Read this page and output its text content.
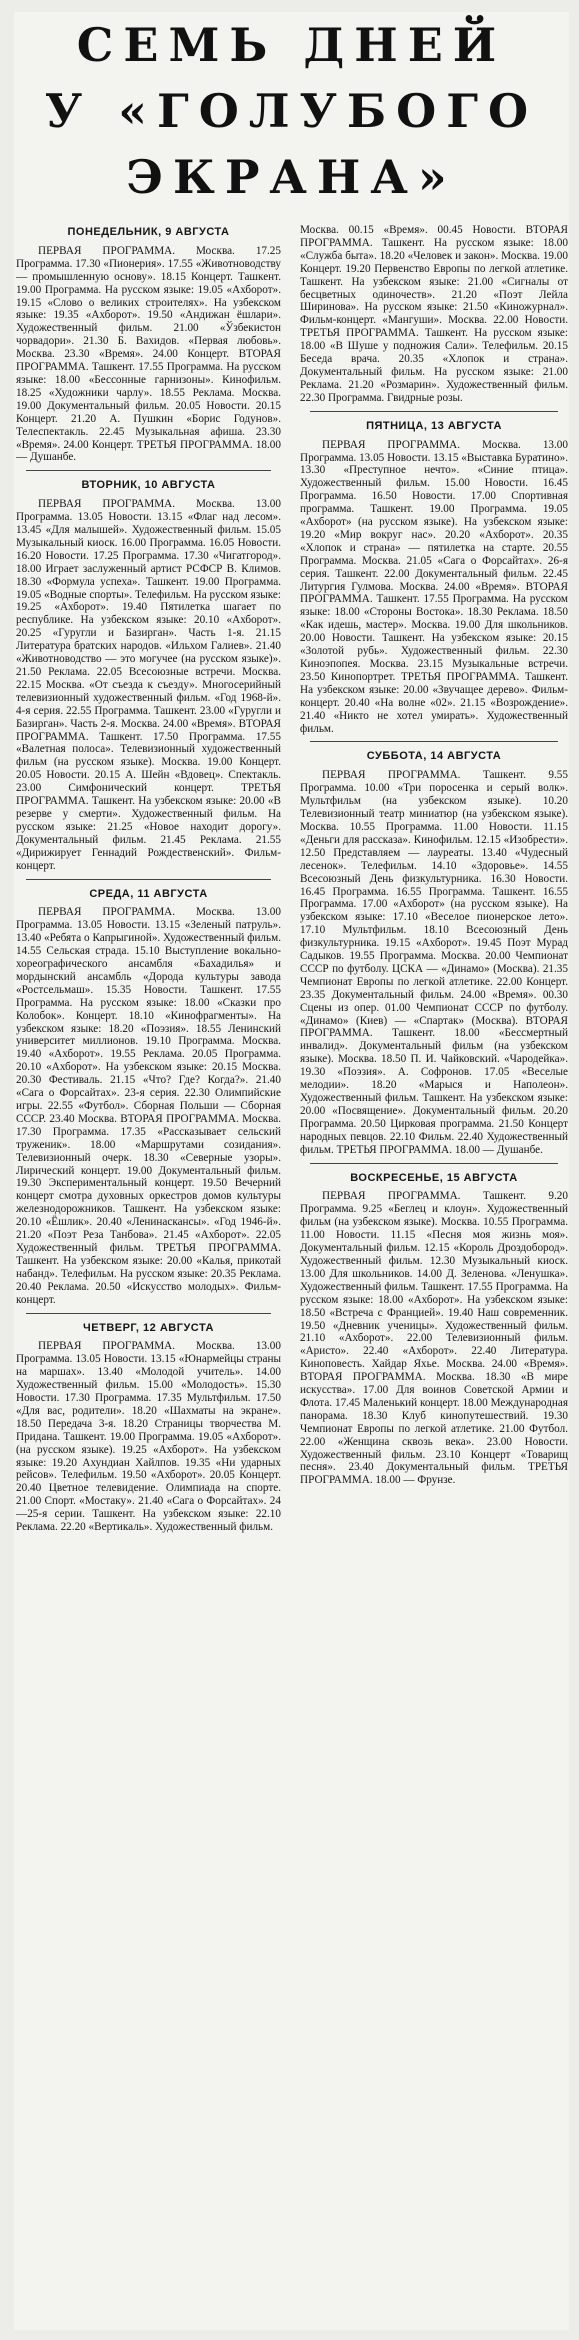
СЕМЬ ДНЕЙ
У «ГОЛУБОГО
ЭКРАНА»
ПОНЕДЕЛЬНИК, 9 АВГУСТА

ПЕРВАЯ ПРОГРАММА. Москва. 17.25 Программа. 17.30 «Пионерия». 17.55 «Животноводству — промышленную основу». 18.15 Концерт. Ташкент. 19.00 Программа. На русском языке: 19.05 «Ахборот». 19.15 «Слово о великих строителях». На узбекском языке: 19.35 «Ахборот». 19.50 «Андижан ёшлари». Художественный фильм. 21.00 «Ўзбекистон чорвадори». 21.30 Б. Вахидов. «Первая любовь». Москва. 23.30 «Время». 24.00 Концерт. ВТОРАЯ ПРОГРАММА. Ташкент. 17.55 Программа. На русском языке: 18.00 «Бессонные гарнизоны». Кинофильм. 18.25 «Художники чарлу». 18.55 Реклама. Москва. 19.00 Документальный фильм. 20.05 Новости. 20.15 Концерт. 21.20 А. Пушкин «Борис Годунов». Телеспектакль. 22.45 Музыкальная афиша. 23.30 «Время». 24.00 Концерт. ТРЕТЬЯ ПРОГРАММА. 18.00 — Душанбе.

ВТОРНИК, 10 АВГУСТА

ПЕРВАЯ ПРОГРАММА. Москва. 13.00 Программа. 13.05 Новости. 13.15 «Флаг над лесом». 13.45 «Для малышей». Художественный фильм. 15.05 Музыкальный киоск. 16.00 Программа. 16.05 Новости. 16.20 Новости. 17.25 Программа. 17.30 «Чигатгород». 18.00 Играет заслуженный артист РСФСР В. Климов. 18.30 «Формула успеха». Ташкент. 19.00 Программа. 19.05 «Водные спорты». Телефильм. На русском языке: 19.25 «Ахборот». 19.40 Пятилетка шагает по республике. На узбекском языке: 20.10 «Ахборот». 20.25 «Гуругли и Базирган». Часть 1-я. 21.15 Литература братских народов. «Ильхом Галиев». 21.40 «Животноводство — это могучее (на русском языке)». 21.50 Реклама. 22.05 Всесоюзные встречи. Москва. 22.15 Москва. «От съезда к съезду». Многосерийный телевизионный художественный фильм. «Год 1968-й». 4-я серия. 22.55 Программа. Ташкент. 23.00 «Гуругли и Базирган». Часть 2-я. Москва. 24.00 «Время». ВТОРАЯ ПРОГРАММА. Ташкент. 17.50 Программа. 17.55 «Валетная полоса». Телевизионный художественный фильм (на русском языке). Москва. 19.00 Концерт. 20.05 Новости. 20.15 А. Шейн «Вдовец». Спектакль. 23.00 Симфонический концерт. ТРЕТЬЯ ПРОГРАММА. Ташкент. На узбекском языке: 20.00 «В резерве у смерти». Художественный фильм. На русском языке: 21.25 «Новое находит дорогу». Документальный фильм. 21.45 Реклама. 21.55 «Дирижирует Геннадий Рождественский». Фильм-концерт.

СРЕДА, 11 АВГУСТА

ПЕРВАЯ ПРОГРАММА. Москва. 13.00 Программа. 13.05 Новости. 13.15 «Зеленый патруль». 13.40 «Ребята о Капрыгиной». Художественный фильм. 14.55 Сельская страда. 15.10 Выступление вокально-хореографического ансамбля «Бахадилья» и мордынский ансамбль «Дорода культуры завода «Ростсельмаш». 15.35 Новости. Ташкент. 17.55 Программа. На русском языке: 18.00 «Сказки про Колобок». Концерт. 18.10 «Кинофрагменты». На узбекском языке: 18.20 «Поэзия». 18.55 Ленинский университет миллионов. 19.10 Программа. Москва. 19.40 «Ахборот». 19.55 Реклама. 20.05 Программа. 20.10 «Ахборот». На узбекском языке: 20.15 Москва. 20.30 Фестиваль. 21.15 «Что? Где? Когда?». 21.40 «Сага о Форсайтах». 23-я серия. 22.30 Олимпийские игры. 22.55 «Футбол». Сборная Польши — Сборная СССР. 23.40 Москва. ВТОРАЯ ПРОГРАММА. Москва. 17.30 Программа. 17.35 «Рассказывает сельский труженик». 18.00 «Маршрутами созидания». Телевизионный очерк. 18.30 «Северные узоры». Лирический концерт. 19.00 Документальный фильм. 19.30 Экспериментальный концерт. 19.50 Вечерний концерт смотра духовных оркестров домов культуры железнодорожников. Ташкент. На узбекском языке: 20.10 «Ёшлик». 20.40 «Ленинаскансы». «Год 1946-й». 21.20 «Поэт Реза Танбова». 21.45 «Ахборот». 22.05 Художественный фильм. ТРЕТЬЯ ПРОГРАММА. Ташкент. На узбекском языке: 20.00 «Калья, прикотай набанд». Телефильм. На русском языке: 20.35 Реклама. 20.40 Реклама. 20.50 «Искусство молодых». Фильм-концерт.

ЧЕТВЕРГ, 12 АВГУСТА

ПЕРВАЯ ПРОГРАММА. Москва. 13.00 Программа. 13.05 Новости. 13.15 «Юнармейцы страны на маршах». 13.40 «Молодой учитель». 14.00 Художественный фильм. 15.00 «Молодость». 15.30 Новости. 17.30 Программа. 17.35 Мультфильм. 17.50 «Для вас, родители». 18.20 «Шахматы на экране». 18.50 Передача 3-я. 18.20 Страницы творчества М. Придана. Ташкент. 19.00 Программа. 19.05 «Ахборот». (на русском языке). 19.25 «Ахборот». На узбекском языке: 19.20 Ахундиан Хайлпов. 19.35 «Ни ударных рейсов». Телефильм. 19.50 «Ахборот». 20.05 Концерт. 20.40 Цветное телевидение. Олимпиада на спорте. 21.00 Спорт. «Мостаку». 21.40 «Сага о Форсайтах». 24—25-я серии. Ташкент. На узбекском языке: 22.10 Реклама. 22.20 «Вертикаль». Художественный фильм.

Москва. 00.15 «Время». 00.45 Новости. ВТОРАЯ ПРОГРАММА. Ташкент. На русском языке: 18.00 «Служба быта». 18.20 «Человек и закон». Москва. 19.00 Концерт. 19.20 Первенство Европы по легкой атлетике. Ташкент. На узбекском языке: 21.00 «Сигналы от бесцветных одиночеств». 21.20 «Поэт Лейла Ширинова». На русском языке: 21.50 «Киножурнал». Фильм-концерт. «Мангуши». Москва. 22.00 Новости. ТРЕТЬЯ ПРОГРАММА. Ташкент. На русском языке: 18.00 «В Шуше у подножия Сали». Телефильм. 20.15 Беседа врача. 20.35 «Хлопок и страна». Документальный фильм. На русском языке: 21.00 Реклама. 21.20 «Розмарин». Художественный фильм. 22.30 Программа. Гвидрные розы.
ПЯТНИЦА, 13 АВГУСТА

ПЕРВАЯ ПРОГРАММА. Москва. 13.00 Программа. 13.05 Новости. 13.15 «Выставка Буратино». 13.30 «Преступное нечто». «Синие птица». Художественный фильм. 15.00 Новости. 16.45 Программа. 16.50 Новости. 17.00 Спортивная программа. Ташкент. 19.00 Программа. 19.05 «Ахборот» (на русском языке). На узбекском языке: 19.20 «Мир вокруг нас». 20.20 «Ахборот». 20.35 «Хлопок и страна» — пятилетка на старте. 20.55 Программа. Москва. 21.05 «Сага о Форсайтах». 26-я серия. Ташкент. 22.00 Документальный фильм. 22.45 Литургия Гулмова. Москва. 24.00 «Время». ВТОРАЯ ПРОГРАММА. Ташкент. 17.55 Программа. На русском языке: 18.00 «Стороны Востока». 18.30 Реклама. 18.50 «Как идешь, мастер». Москва. 19.00 Для школьников. 20.00 Новости. Ташкент. На узбекском языке: 20.15 «Золотой рубь». Художественный фильм. 22.30 Киноэпопея. Москва. 23.15 Музыкальные встречи. 23.50 Кинопортрет. ТРЕТЬЯ ПРОГРАММА. Ташкент. На узбекском языке: 20.00 «Звучащее дерево». Фильм-концерт. 20.40 «На волне «02». 21.15 «Возрождение». 21.40 «Никто не хотел умирать». Художественный фильм.

СУББОТА, 14 АВГУСТА

ПЕРВАЯ ПРОГРАММА. Ташкент. 9.55 Программа. 10.00 «Три поросенка и серый волк». Мультфильм (на узбекском языке). 10.20 Телевизионный театр миниатюр (на узбекском языке). Москва. 10.55 Программа. 11.00 Новости. 11.15 «Деньги для рассказа». Кинофильм. 12.15 «Изобрести». 12.50 Представляем — лауреаты. 13.40 «Чудесный лесенок». Телефильм. 14.10 «Здоровье». 14.55 Всесоюзный День физкультурника. 16.30 Новости. 16.45 Программа. 16.55 Программа. Ташкент. 16.55 Программа. 17.00 «Ахборот» (на русском языке). На узбекском языке: 17.10 «Веселое пионерское лето». 17.10 Мультфильм. 18.10 Всесоюзный День физкультурника. 19.15 «Ахборот». 19.45 Поэт Мурад Садыков. 19.55 Программа. Москва. 20.00 Чемпионат СССР по футболу. ЦСКА — «Динамо» (Москва). 21.35 Чемпионат Европы по легкой атлетике. 22.00 Концерт. 23.35 Документальный фильм. 24.00 «Время». 00.30 Сцены из опер. 01.00 Чемпионат СССР по футболу. «Динамо» (Киев) — «Спартак» (Москва). ВТОРАЯ ПРОГРАММА. Ташкент. 18.00 «Бессмертный инвалид». Документальный фильм (на узбекском языке). Москва. 18.50 П. И. Чайковский. «Чародейка». 19.30 «Поэзия». А. Софронов. 17.05 «Веселые мелодии». 18.20 «Марыся и Наполеон». Художественный фильм. Ташкент. На узбекском языке: 20.00 «Посвящение». Документальный фильм. 20.20 Программа. 20.50 Цирковая программа. 21.50 Концерт народных певцов. 22.10 Фильм. 22.40 Художественный фильм. ТРЕТЬЯ ПРОГРАММА. 18.00 — Душанбе.

ВОСКРЕСЕНЬЕ, 15 АВГУСТА

ПЕРВАЯ ПРОГРАММА. Ташкент. 9.20 Программа. 9.25 «Беглец и клоун». Художественный фильм (на узбекском языке). Москва. 10.55 Программа. 11.00 Новости. 11.15 «Песня моя жизнь моя». Документальный фильм. 12.15 «Король Дроздобород». Художественный фильм. 12.30 Музыкальный киоск. 13.00 Для школьников. 14.00 Д. Зеленова. «Ленушка». Художественный фильм. Ташкент. 17.55 Программа. На русском языке: 18.00 «Ахборот». На узбекском языке: 18.50 «Встреча с Францией». 19.40 Наш современник. 19.50 «Дневник ученицы». Художественный фильм. 21.10 «Ахборот». 22.00 Телевизионный фильм. «Аристо». 22.40 «Ахборот». 22.40 Литература. Киноповесть. Хайдар Яхье. Москва. 24.00 «Время». ВТОРАЯ ПРОГРАММА. Москва. 18.30 «В мире искусства». 17.00 Для воинов Советской Армии и Флота. 17.45 Маленький концерт. 18.00 Международная панорама. 18.30 Клуб кинопутешествий. 19.30 Чемпионат Европы по легкой атлетике. 21.00 Футбол. 22.00 «Женщина сквозь века». 23.00 Новости. Художественный фильм. 23.10 Концерт «Товарищ песня». 23.40 Документальный фильм. ТРЕТЬЯ ПРОГРАММА. 18.00 — Фрунзе.
